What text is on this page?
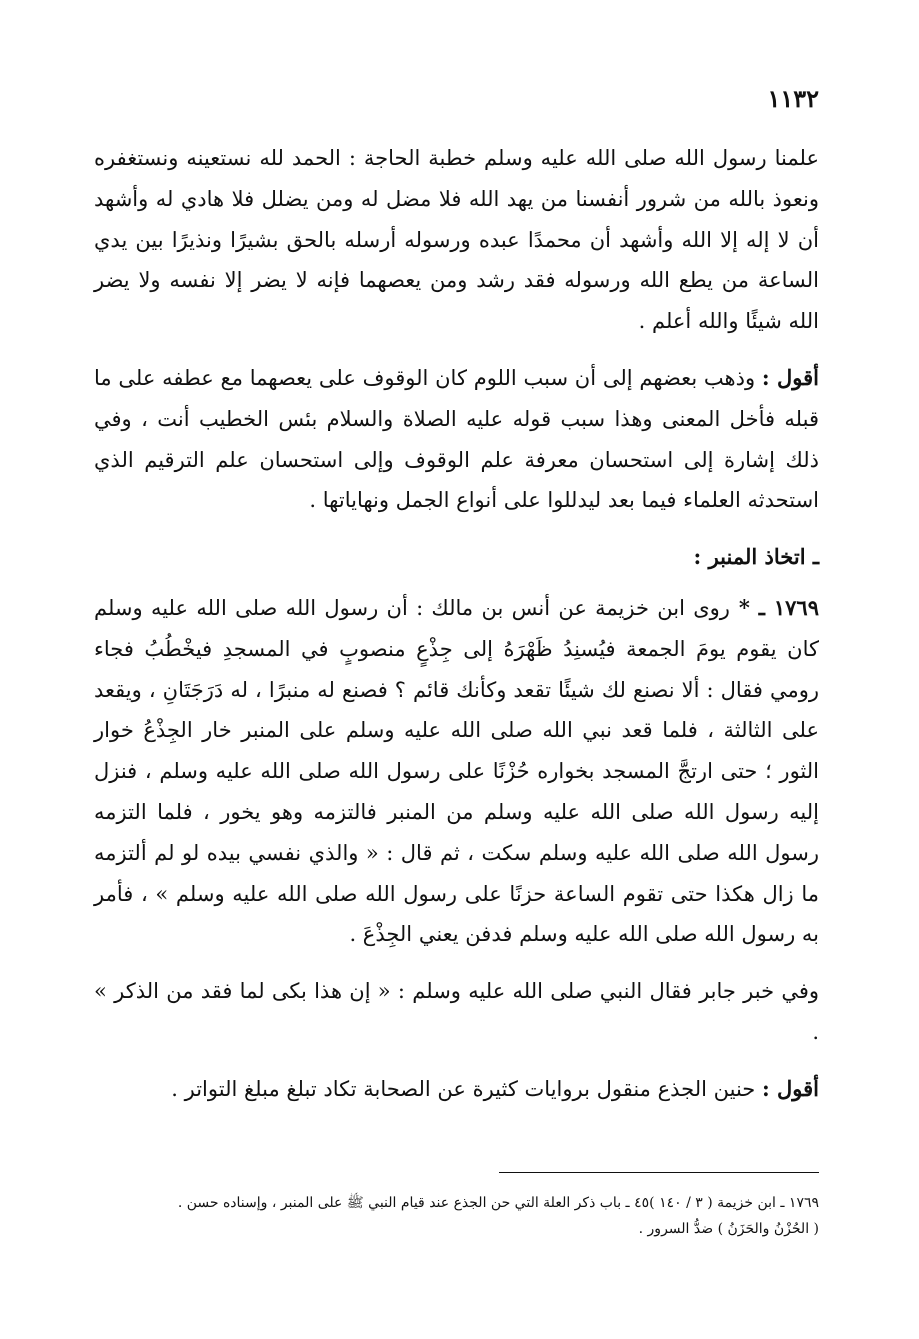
١١٣٢

علمنا رسول الله صلى الله عليه وسلم خطبة الحاجة : الحمد لله نستعينه ونستغفره ونعوذ بالله من شرور أنفسنا من يهد الله فلا مضل له ومن يضلل فلا هادي له وأشهد أن لا إله إلا الله وأشهد أن محمدًا عبده ورسوله أرسله بالحق بشيرًا ونذيرًا بين يدي الساعة من يطع الله ورسوله فقد رشد ومن يعصهما فإنه لا يضر إلا نفسه ولا يضر الله شيئًا والله أعلم .

أقول : وذهب بعضهم إلى أن سبب اللوم كان الوقوف على يعصهما مع عطفه على ما قبله فأخل المعنى وهذا سبب قوله عليه الصلاة والسلام بئس الخطيب أنت ، وفي ذلك إشارة إلى استحسان معرفة علم الوقوف وإلى استحسان علم الترقيم الذي استحدثه العلماء فيما بعد ليدللوا على أنواع الجمل ونهاياتها .

ـ اتخاذ المنبر :

١٧٦٩ ـ * روى ابن خزيمة عن أنس بن مالك : أن رسول الله صلى الله عليه وسلم كان يقوم يومَ الجمعة فيُسنِدُ ظَهْرَهُ إلى جِذْعٍ منصوبٍ في المسجدِ فيخْطُبُ فجاء رومي فقال : ألا نصنع لك شيئًا تقعد وكأنك قائم ؟ فصنع له منبرًا ، له دَرَجَتَانِ ، ويقعد على الثالثة ، فلما قعد نبي الله صلى الله عليه وسلم على المنبر خار الجِذْعُ خوار الثور ؛ حتى ارتجَّ المسجد بخواره حُزْنًا على رسول الله صلى الله عليه وسلم ، فنزل إليه رسول الله صلى الله عليه وسلم من المنبر فالتزمه وهو يخور ، فلما التزمه رسول الله صلى الله عليه وسلم سكت ، ثم قال : « والذي نفسي بيده لو لم ألتزمه ما زال هكذا حتى تقوم الساعة حزنًا على رسول الله صلى الله عليه وسلم » ، فأمر به رسول الله صلى الله عليه وسلم فدفن يعني الجِذْعَ .

وفي خبر جابر فقال النبي صلى الله عليه وسلم : « إن هذا بكى لما فقد من الذكر » .

أقول : حنين الجذع منقول بروايات كثيرة عن الصحابة تكاد تبلغ مبلغ التواتر .

١٧٦٩ ـ ابن خزيمة ( ٣ / ١٤٠ )٤٥ ـ باب ذكر العلة التي حن الجذع عند قيام النبي ﷺ على المنبر ، وإسناده حسن .

( الحُزْنُ والحَزَنُ ) ضدُّ السرور .
